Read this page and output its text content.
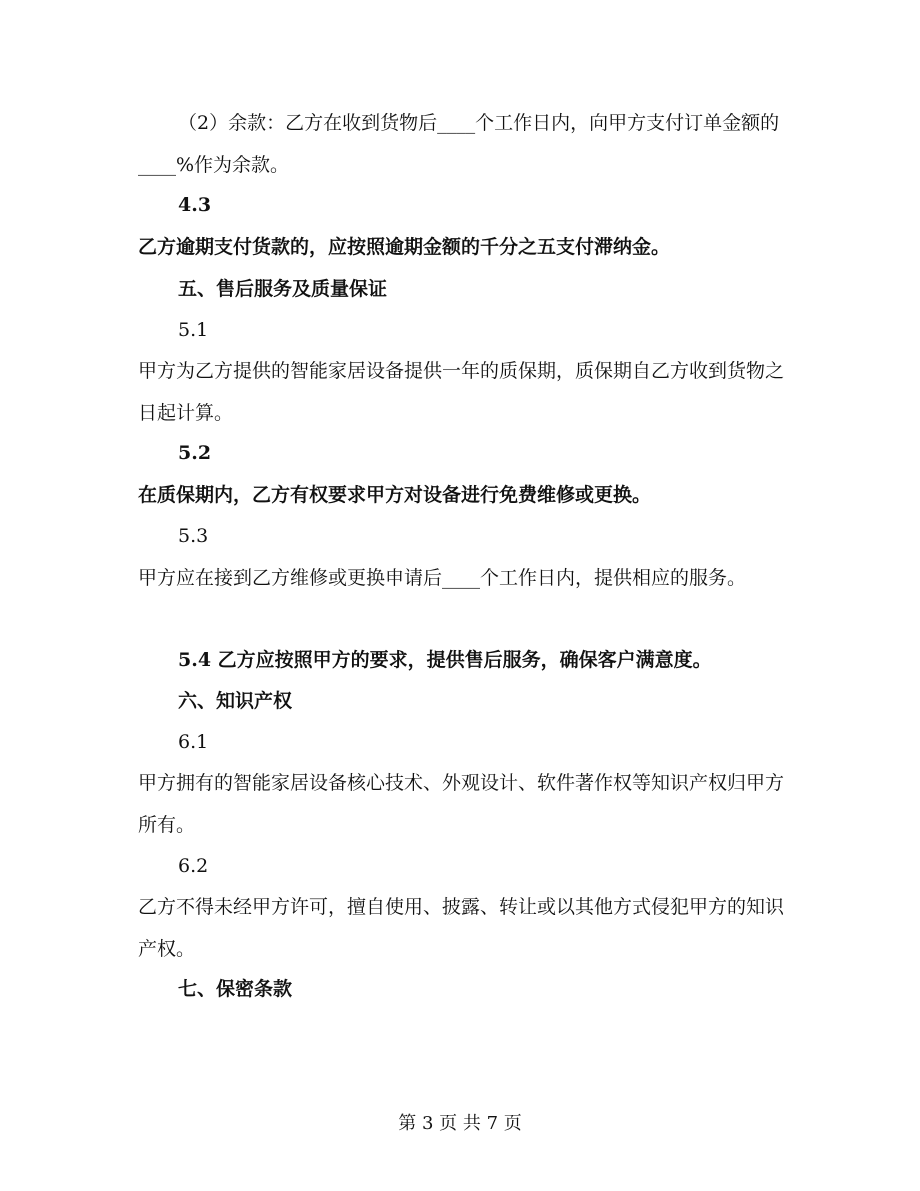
（2）余款：乙方在收到货物后____个工作日内，向甲方支付订单金额的____%作为余款。
4.3
乙方逾期支付货款的，应按照逾期金额的千分之五支付滞纳金。
五、售后服务及质量保证
5.1
甲方为乙方提供的智能家居设备提供一年的质保期，质保期自乙方收到货物之日起计算。
5.2
在质保期内，乙方有权要求甲方对设备进行免费维修或更换。
5.3
甲方应在接到乙方维修或更换申请后____个工作日内，提供相应的服务。
5.4 乙方应按照甲方的要求，提供售后服务，确保客户满意度。
六、知识产权
6.1
甲方拥有的智能家居设备核心技术、外观设计、软件著作权等知识产权归甲方所有。
6.2
乙方不得未经甲方许可，擅自使用、披露、转让或以其他方式侵犯甲方的知识产权。
七、保密条款
第 3 页 共 7 页
